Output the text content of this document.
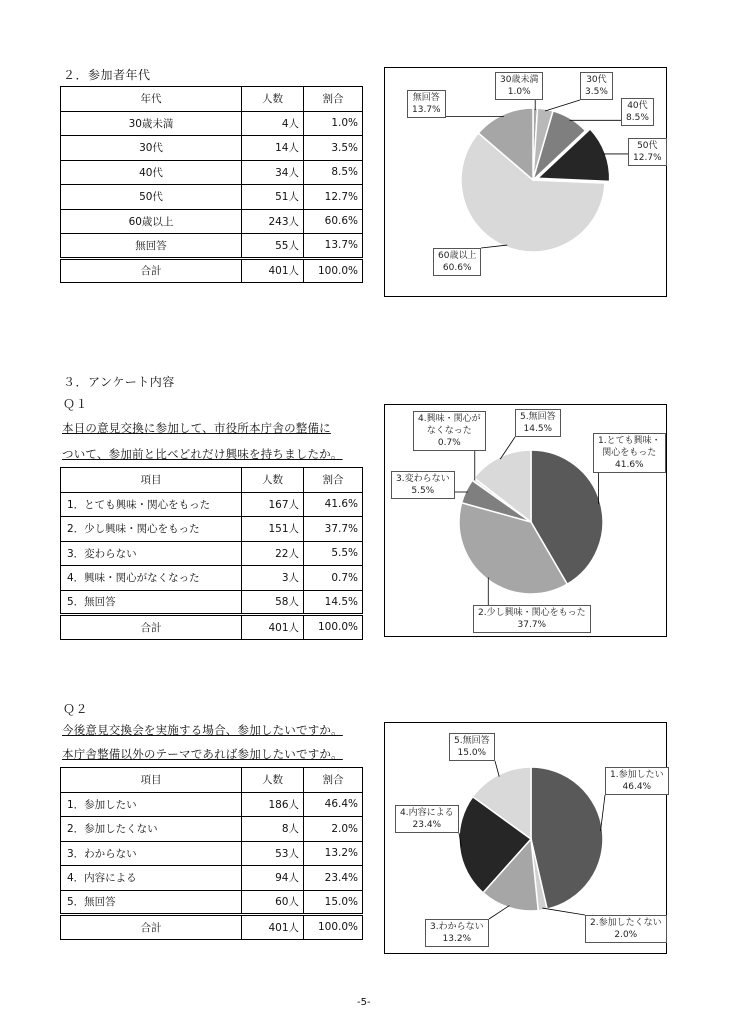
２．参加者年代
年代	人数	割合
30歳未満	4人	1.0%
30代	14人	3.5%
40代	34人	8.5%
50代	51人	12.7%
60歳以上	243人	60.6%
無回答	55人	13.7%
合計	401人	100.0%
30歳未満
1.0%
30代
3.5%
40代
8.5%
50代
12.7%
60歳以上
60.6%
無回答
13.7%
３．アンケート内容
Ｑ１
本日の意見交換に参加して、市役所本庁舎の整備に
ついて、参加前と比べどれだけ興味を持ちましたか。
項目	人数	割合
1．とても興味・関心をもった	167人	41.6%
2．少し興味・関心をもった	151人	37.7%
3．変わらない	22人	5.5%
4．興味・関心がなくなった	3人	0.7%
5．無回答	58人	14.5%
合計	401人	100.0%
1.とても興味・
関心をもった
41.6%
2.少し興味・関心をもった
37.7%
3.変わらない
5.5%
4.興味・関心が
なくなった
0.7%
5.無回答
14.5%
Ｑ２
今後意見交換会を実施する場合、参加したいですか。
本庁舎整備以外のテーマであれば参加したいですか。
項目	人数	割合
1．参加したい	186人	46.4%
2．参加したくない	8人	2.0%
3．わからない	53人	13.2%
4．内容による	94人	23.4%
5．無回答	60人	15.0%
合計	401人	100.0%
1.参加したい
46.4%
2.参加したくない
2.0%
3.わからない
13.2%
4.内容による
23.4%
5.無回答
15.0%
-5-
